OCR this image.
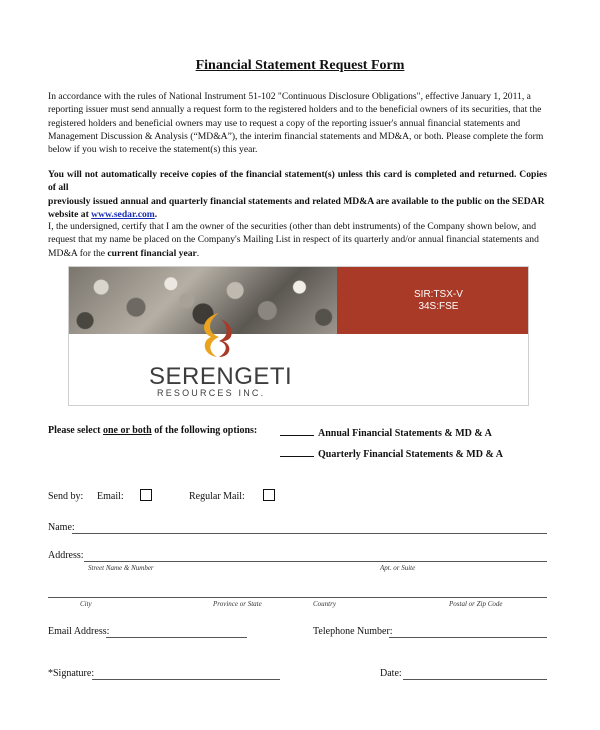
Financial Statement Request Form
In accordance with the rules of National Instrument 51-102 "Continuous Disclosure Obligations", effective January 1, 2011, a
reporting issuer must send annually a request form to the registered holders and to the beneficial owners of its securities, that the
registered holders and beneficial owners may use to request a copy of the reporting issuer's annual financial statements and
Management Discussion & Analysis (“MD&A”), the interim financial statements and MD&A, or both. Please complete the form
below if you wish to receive the statement(s) this year.
You will not automatically receive copies of the financial statement(s) unless this card is completed and returned. Copies of all
previously issued annual and quarterly financial statements and related MD&A are available to the public on the SEDAR
website at www.sedar.com.
I, the undersigned, certify that I am the owner of the securities (other than debt instruments) of the Company shown below, and
request that my name be placed on the Company's Mailing List in respect of its quarterly and/or annual financial statements and
MD&A for the current financial year.
SIR:TSX-V
34S:FSE
SERENGETI
RESOURCES INC.
Please select one or both of the following options:	Annual Financial Statements & MD & A
Quarterly Financial Statements & MD & A
Send by: Email:	Regular Mail:
Name:
Address:
Street Name & Number	Apt. or Suite
City	Province or State	Country	Postal or Zip Code
Email Address:	Telephone Number:
*Signature:	Date:
